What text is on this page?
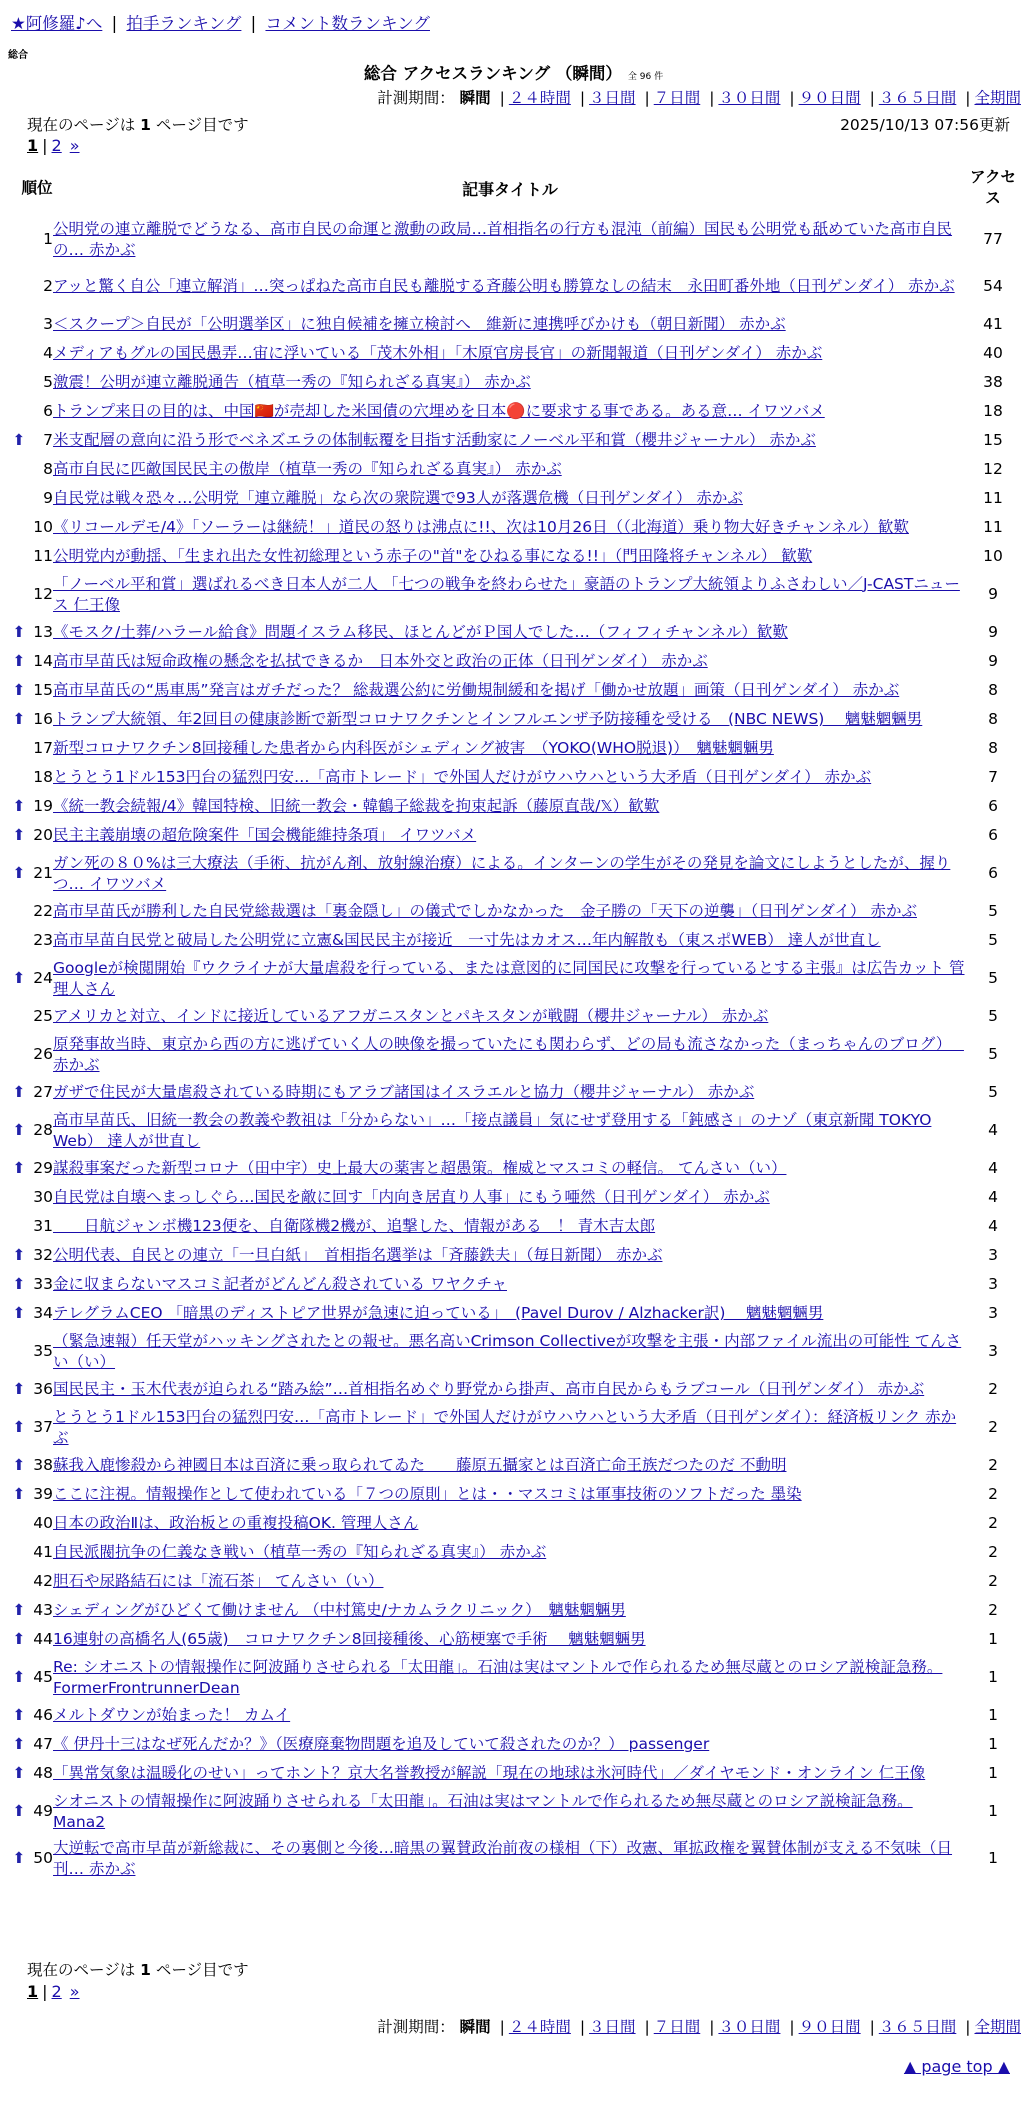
★阿修羅♪へ | 拍手ランキング | コメント数ランキング
総合
総合 アクセスランキング （瞬間） 全 96 件
計測期間： 瞬間 | ２４時間 | ３日間 | ７日間 | ３０日間 | ９０日間 | ３６５日間 | 全期間
現在のページは 1 ページ目です	2025/10/13 07:56更新
1 | 2 »
順位		記事タイトル	アクセス
	1	公明党の連立離脱でどうなる、高市自民の命運と激動の政局…首相指名の行方も混沌（前編）国民も公明党も舐めていた高市自民の… 赤かぶ	77
	2	アッと驚く自公「連立解消」…突っぱねた高市自民も離脱する斉藤公明も勝算なしの結末　永田町番外地（日刊ゲンダイ） 赤かぶ	54
	3	＜スクープ＞自民が「公明選挙区」に独自候補を擁立検討へ　維新に連携呼びかけも（朝日新聞） 赤かぶ	41
	4	メディアもグルの国民愚弄…宙に浮いている「茂木外相」「木原官房長官」の新聞報道（日刊ゲンダイ） 赤かぶ	40
	5	激震！公明が連立離脱通告（植草一秀の『知られざる真実』） 赤かぶ	38
	6	トランプ来日の目的は、中国🇨🇳が売却した米国債の穴埋めを日本🔴に要求する事である。ある意… イワツバメ	18
⬆	7	米支配層の意向に沿う形でベネズエラの体制転覆を目指す活動家にノーベル平和賞（櫻井ジャーナル） 赤かぶ	15
	8	高市自民に匹敵国民民主の傲岸（植草一秀の『知られざる真実』） 赤かぶ	12
	9	自民党は戦々恐々…公明党「連立離脱」なら次の衆院選で93人が落選危機（日刊ゲンダイ） 赤かぶ	11
	10	《リコールデモ/4》「ソーラーは継続！」道民の怒りは沸点に!!、次は10月26日（（北海道）乗り物大好きチャンネル）歓歎	11
	11	公明党内が動揺、「生まれ出た女性初総理という赤子の"首"をひねる事になる!!」（門田隆将チャンネル） 歓歎	10
	12	「ノーベル平和賞」選ばれるべき日本人が二人 「七つの戦争を終わらせた」豪語のトランプ大統領よりふさわしい／J-CASTニュース 仁王像	9
⬆	13	《モスク/土葬/ハラール給食》問題イスラム移民、ほとんどがＰ国人でした…（フィフィチャンネル）歓歎	9
⬆	14	高市早苗氏は短命政権の懸念を払拭できるか　日本外交と政治の正体（日刊ゲンダイ） 赤かぶ	9
⬆	15	高市早苗氏の“馬車馬”発言はガチだった？ 総裁選公約に労働規制緩和を掲げ「働かせ放題」画策（日刊ゲンダイ） 赤かぶ	8
⬆	16	トランプ大統領、年2回目の健康診断で新型コロナワクチンとインフルエンザ予防接種を受ける　(NBC NEWS)　 魑魅魍魎男	8
	17	新型コロナワクチン8回接種した患者から内科医がシェディング被害　（YOKO(WHO脱退)）　魑魅魍魎男	8
	18	とうとう1ドル153円台の猛烈円安…「高市トレード」で外国人だけがウハウハという大矛盾（日刊ゲンダイ） 赤かぶ	7
⬆	19	《統一教会続報/4》韓国特検、旧統一教会・韓鶴子総裁を拘束起訴（藤原直哉/𝕏）歓歎	6
⬆	20	民主主義崩壊の超危険案件「国会機能維持条項」 イワツバメ	6
⬆	21	ガン死の８０%は三大療法（手術、抗がん剤、放射線治療）による。インターンの学生がその発見を論文にしようとしたが、握りつ… イワツバメ	6
	22	高市早苗氏が勝利した自民党総裁選は「裏金隠し」の儀式でしかなかった　金子勝の「天下の逆襲」（日刊ゲンダイ） 赤かぶ	5
	23	高市早苗自民党と破局した公明党に立憲&国民民主が接近　一寸先はカオス…年内解散も（東スポWEB） 達人が世直し	5
⬆	24	Googleが検閲開始『ウクライナが大量虐殺を行っている、または意図的に同国民に攻撃を行っているとする主張』は広告カット 管理人さん	5
	25	アメリカと対立、インドに接近しているアフガニスタンとパキスタンが戦闘（櫻井ジャーナル） 赤かぶ	5
	26	原発事故当時、東京から西の方に逃げていく人の映像を撮っていたにも関わらず、どの局も流さなかった（まっちゃんのブログ）　 赤かぶ	5
⬆	27	ガザで住民が大量虐殺されている時期にもアラブ諸国はイスラエルと協力（櫻井ジャーナル） 赤かぶ	5
⬆	28	高市早苗氏、旧統一教会の教義や教祖は「分からない」…「接点議員」気にせず登用する「鈍感さ」のナゾ（東京新聞 TOKYO Web） 達人が世直し	4
⬆	29	謀殺事案だった新型コロナ（田中宇）史上最大の薬害と超愚策。権威とマスコミの軽信。 てんさい（い）	4
	30	自民党は自壊へまっしぐら…国民を敵に回す「内向き居直り人事」にもう唖然（日刊ゲンダイ） 赤かぶ	4
	31	　　日航ジャンボ機123便を、自衛隊機2機が、追撃した、情報がある　！ 青木吉太郎	4
⬆	32	公明代表、自民との連立「一旦白紙」　首相指名選挙は「斉藤鉄夫」（毎日新聞） 赤かぶ	3
⬆	33	金に収まらないマスコミ記者がどんどん殺されている ワヤクチャ	3
⬆	34	テレグラムCEO 「暗黒のディストピア世界が急速に迫っている」　(Pavel Durov / Alzhacker訳)　 魑魅魍魎男	3
	35	（緊急速報）任天堂がハッキングされたとの報せ。悪名高いCrimson Collectiveが攻撃を主張・内部ファイル流出の可能性 てんさい（い）	3
⬆	36	国民民主・玉木代表が迫られる“踏み絵”…首相指名めぐり野党から掛声、高市自民からもラブコール（日刊ゲンダイ） 赤かぶ	2
⬆	37	とうとう1ドル153円台の猛烈円安…「高市トレード」で外国人だけがウハウハという大矛盾（日刊ゲンダイ）：経済板リンク 赤かぶ	2
⬆	38	蘇我入鹿惨殺から神國日本は百済に乗っ取られてゐた　　藤原五攝家とは百済亡命王族だつたのだ 不動明	2
⬆	39	ここに注視。情報操作として使われている「７つの原則」とは・・マスコミは軍事技術のソフトだった 墨染	2
	40	日本の政治Ⅱは、政治板との重複投稿OK. 管理人さん	2
	41	自民派閥抗争の仁義なき戦い（植草一秀の『知られざる真実』） 赤かぶ	2
	42	胆石や尿路結石には「流石茶」 てんさい（い）	2
⬆	43	シェディングがひどくて働けません （中村篤史/ナカムラクリニック）　魑魅魍魎男	2
⬆	44	16連射の高橋名人(65歳)　コロナワクチン8回接種後、心筋梗塞で手術　 魑魅魍魎男	1
⬆	45	Re: シオニストの情報操作に阿波踊りさせられる「太田龍」。石油は実はマントルで作られるため無尽蔵とのロシア説検証急務。 FormerFrontrunnerDean	1
⬆	46	メルトダウンが始まった！ カムイ	1
⬆	47	《 伊丹十三はなぜ死んだか？》（医療廃棄物問題を追及していて殺されたのか？） passenger	1
⬆	48	「異常気象は温暖化のせい」ってホント？京大名誉教授が解説「現在の地球は氷河時代」／ダイヤモンド・オンライン 仁王像	1
⬆	49	シオニストの情報操作に阿波踊りさせられる「太田龍」。石油は実はマントルで作られるため無尽蔵とのロシア説検証急務。 Mana2	1
⬆	50	大逆転で高市早苗が新総裁に、その裏側と今後…暗黒の翼賛政治前夜の様相（下）改憲、軍拡政権を翼賛体制が支える不気味（日刊… 赤かぶ	1
現在のページは 1 ページ目です
1 | 2 »
計測期間： 瞬間 | ２４時間 | ３日間 | ７日間 | ３０日間 | ９０日間 | ３６５日間 | 全期間
▲ page top ▲
